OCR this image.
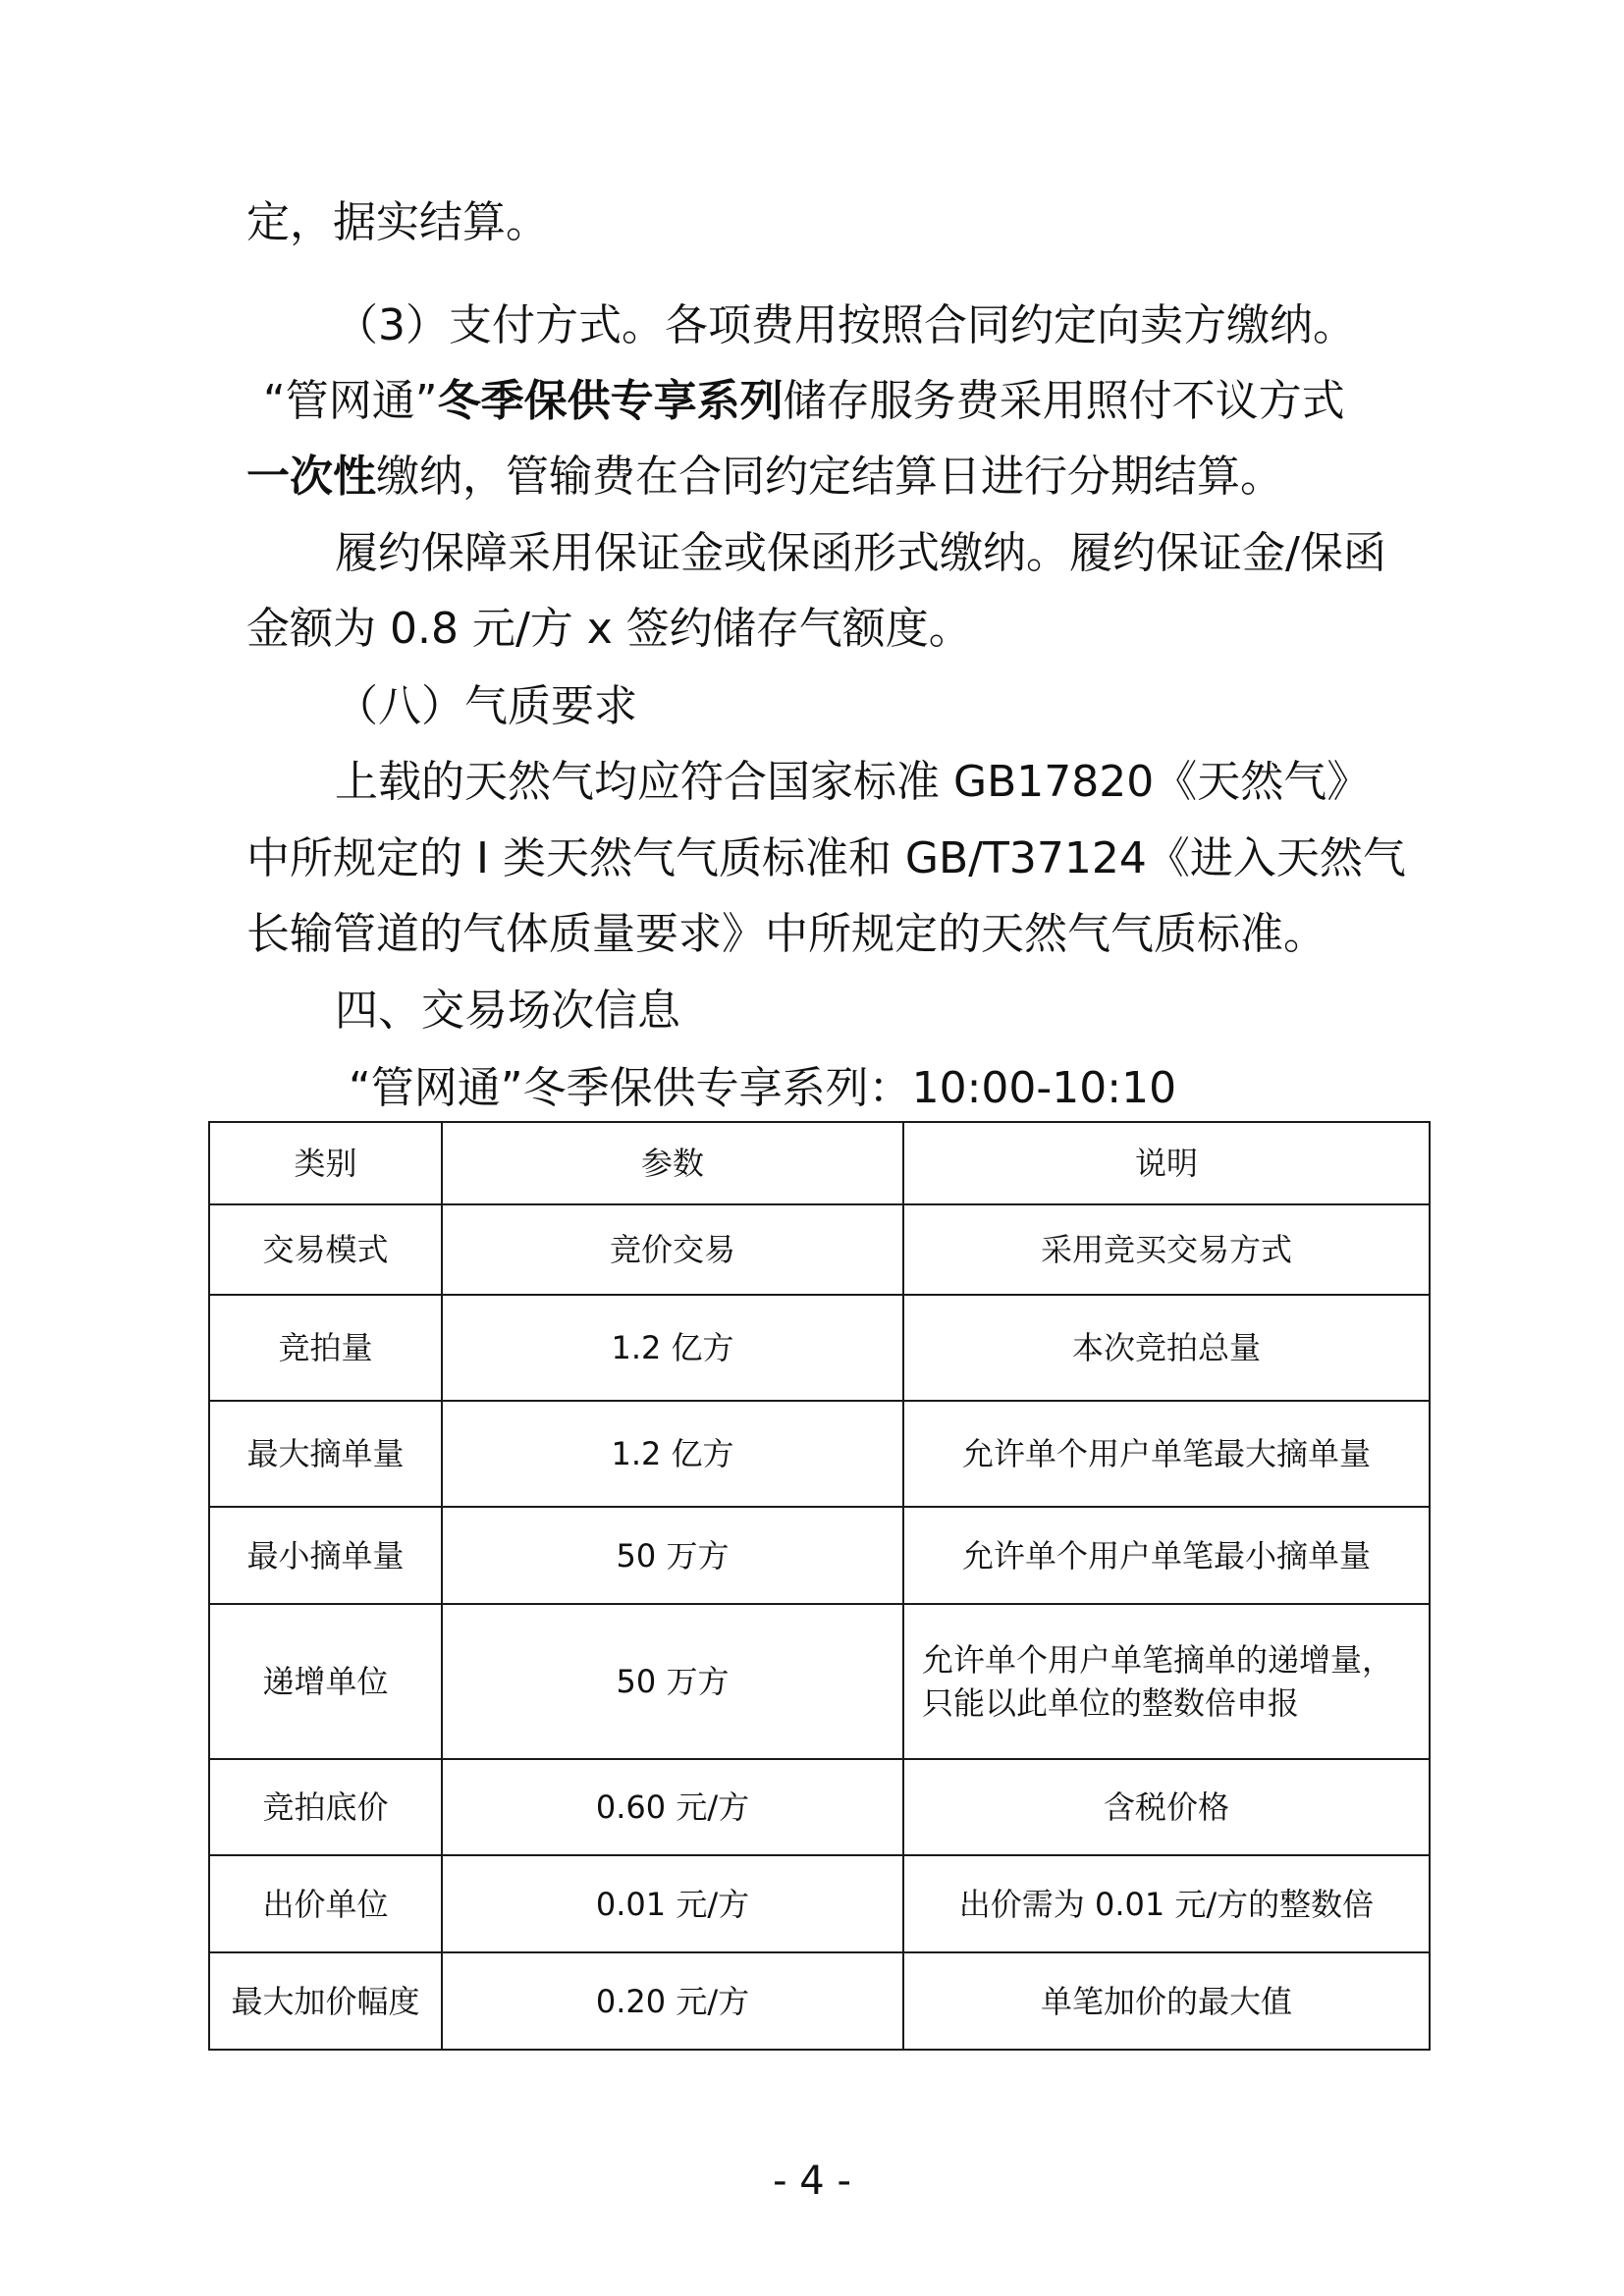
定，据实结算。
（3）支付方式。各项费用按照合同约定向卖方缴纳。
“管网通”冬季保供专享系列储存服务费采用照付不议方式
一次性缴纳，管输费在合同约定结算日进行分期结算。
履约保障采用保证金或保函形式缴纳。履约保证金/保函
金额为 0.8 元/方 x 签约储存气额度。
（八）气质要求
上载的天然气均应符合国家标准 GB17820《天然气》
中所规定的 I 类天然气气质标准和 GB/T37124《进入天然气
长输管道的气体质量要求》中所规定的天然气气质标准。
四、交易场次信息
“管网通”冬季保供专享系列：10:00-10:10
类别	参数	说明
交易模式	竞价交易	采用竞买交易方式
竞拍量	1.2 亿方	本次竞拍总量
最大摘单量	1.2 亿方	允许单个用户单笔最大摘单量
最小摘单量	50 万方	允许单个用户单笔最小摘单量
递增单位	50 万方	允许单个用户单笔摘单的递增量，
只能以此单位的整数倍申报

竞拍底价	0.60 元/方	含税价格
出价单位	0.01 元/方	出价需为 0.01 元/方的整数倍
最大加价幅度	0.20 元/方	单笔加价的最大值
- 4 -
